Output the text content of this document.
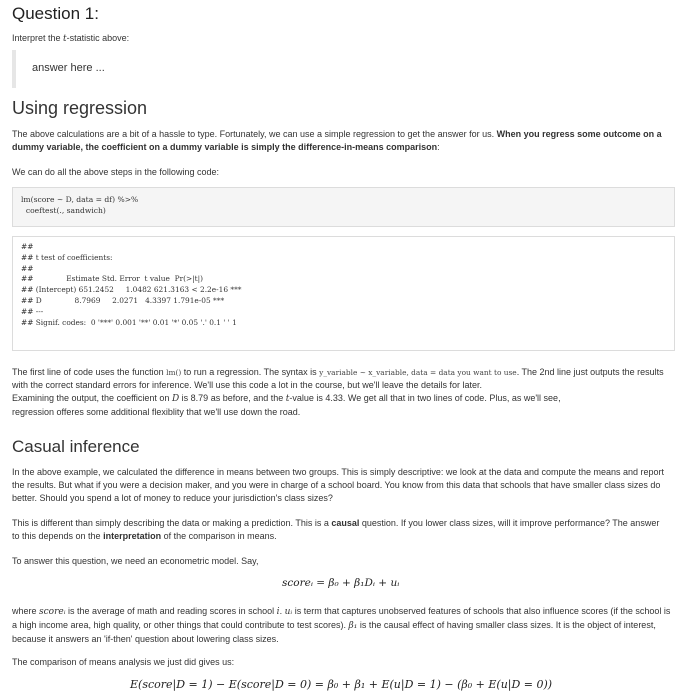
Question 1:

Interpret the t-statistic above:

answer here ...
Using regression

The above calculations are a bit of a hassle to type. Fortunately, we can use a simple regression to get the answer for us. When you regress some outcome on a dummy variable, the coefficient on a dummy variable is simply the difference-in-means comparison:

We can do all the above steps in the following code:

lm(score ~ D, data = df) %>%
coeftest(., sandwich)
##
## t test of coefficients:
##
##              Estimate Std. Error  t value  Pr(>|t|)
## (Intercept) 651.2452     1.0482 621.3163 < 2.2e-16 ***
## D              8.7969     2.0271   4.3397 1.791e-05 ***
## ---
## Signif. codes:  0 '***' 0.001 '**' 0.01 '*' 0.05 '.' 0.1 ' ' 1

The first line of code uses the function lm() to run a regression. The syntax is y_variable ~ x_variable, data = data you want to use. The 2nd line just outputs the results with the correct standard errors for inference. We'll use this code a lot in the course, but we'll leave the details for later.
Examining the output, the coefficient on D is 8.79 as before, and the t-value is 4.33. We get all that in two lines of code. Plus, as we'll see,
regression offeres some additional flexiblity that we'll use down the road.

Casual inference

In the above example, we calculated the difference in means between two groups. This is simply descriptive: we look at the data and compute the means and report the results. But what if you were a decision maker, and you were in charge of a school board. You know from this data that schools that have smaller class sizes do better. Should you spend a lot of money to reduce your jurisdiction's class sizes?

This is different than simply describing the data or making a prediction. This is a causal question. If you lower class sizes, will it improve performance? The answer to this depends on the interpretation of the comparison in means.

To answer this question, we need an econometric model. Say,

scoreᵢ = β₀ + β₁Dᵢ + uᵢ

where scoreᵢ is the average of math and reading scores in school i. uᵢ is term that captures unobserved features of schools that also influence scores (if the school is a high income area, high quality, or other things that could contribute to test scores). β₁ is the causal effect of having smaller class sizes. It is the object of interest, because it answers an 'if-then' question about lowering class sizes.

The comparison of means analysis we just did gives us:

E(score|D = 1) − E(score|D = 0) = β₀ + β₁ + E(u|D = 1) − (β₀ + E(u|D = 0))
